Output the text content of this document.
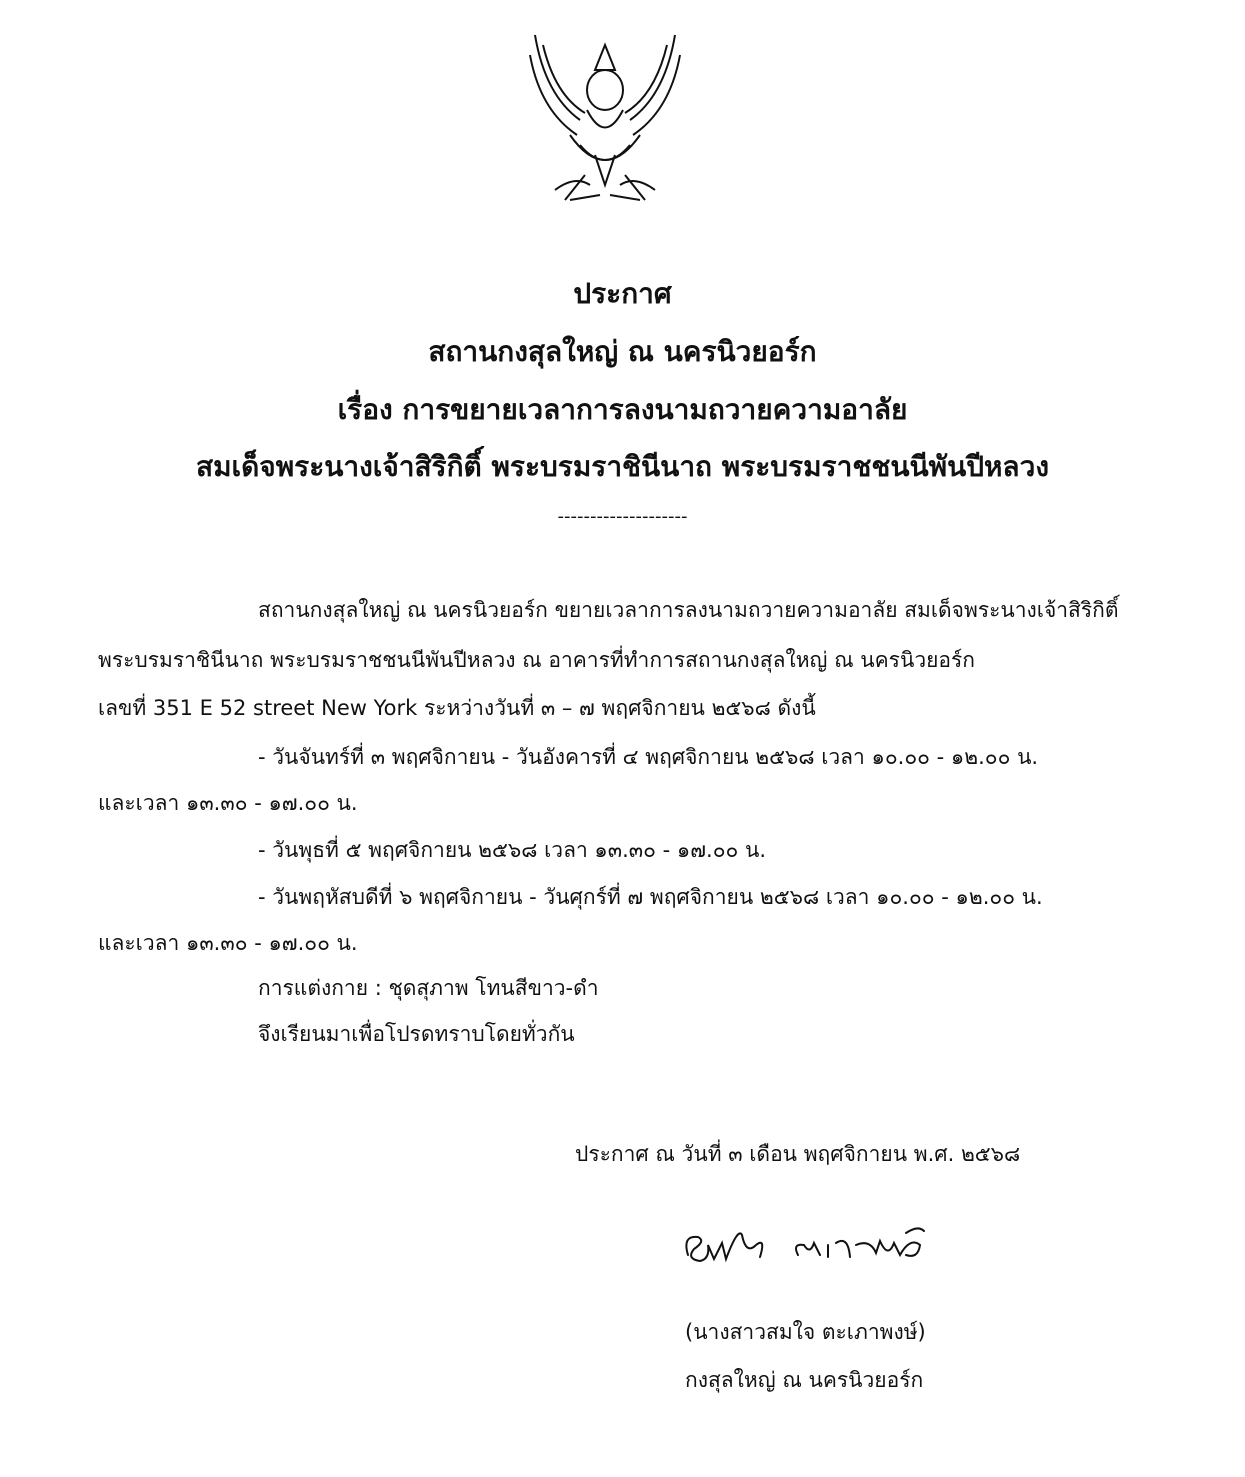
ประกาศ
สถานกงสุลใหญ่ ณ นครนิวยอร์ก
เรื่อง การขยายเวลาการลงนามถวายความอาลัย
สมเด็จพระนางเจ้าสิริกิติ์ พระบรมราชินีนาถ พระบรมราชชนนีพันปีหลวง
--------------------
สถานกงสุลใหญ่ ณ นครนิวยอร์ก ขยายเวลาการลงนามถวายความอาลัย สมเด็จพระนางเจ้าสิริกิติ์
พระบรมราชินีนาถ พระบรมราชชนนีพันปีหลวง ณ อาคารที่ทำการสถานกงสุลใหญ่ ณ นครนิวยอร์ก
เลขที่ 351 E 52 street New York ระหว่างวันที่ ๓ – ๗ พฤศจิกายน ๒๕๖๘ ดังนี้
- วันจันทร์ที่ ๓ พฤศจิกายน - วันอังคารที่ ๔ พฤศจิกายน ๒๕๖๘ เวลา ๑๐.๐๐ - ๑๒.๐๐ น.
และเวลา ๑๓.๓๐ - ๑๗.๐๐ น.
- วันพุธที่ ๕ พฤศจิกายน ๒๕๖๘ เวลา ๑๓.๓๐ - ๑๗.๐๐ น.
- วันพฤหัสบดีที่ ๖ พฤศจิกายน - วันศุกร์ที่ ๗ พฤศจิกายน ๒๕๖๘ เวลา ๑๐.๐๐ - ๑๒.๐๐ น.
และเวลา ๑๓.๓๐ - ๑๗.๐๐ น.
การแต่งกาย : ชุดสุภาพ โทนสีขาว-ดำ
จึงเรียนมาเพื่อโปรดทราบโดยทั่วกัน
ประกาศ ณ วันที่ ๓ เดือน พฤศจิกายน พ.ศ. ๒๕๖๘
(นางสาวสมใจ ตะเภาพงษ์)
กงสุลใหญ่ ณ นครนิวยอร์ก
